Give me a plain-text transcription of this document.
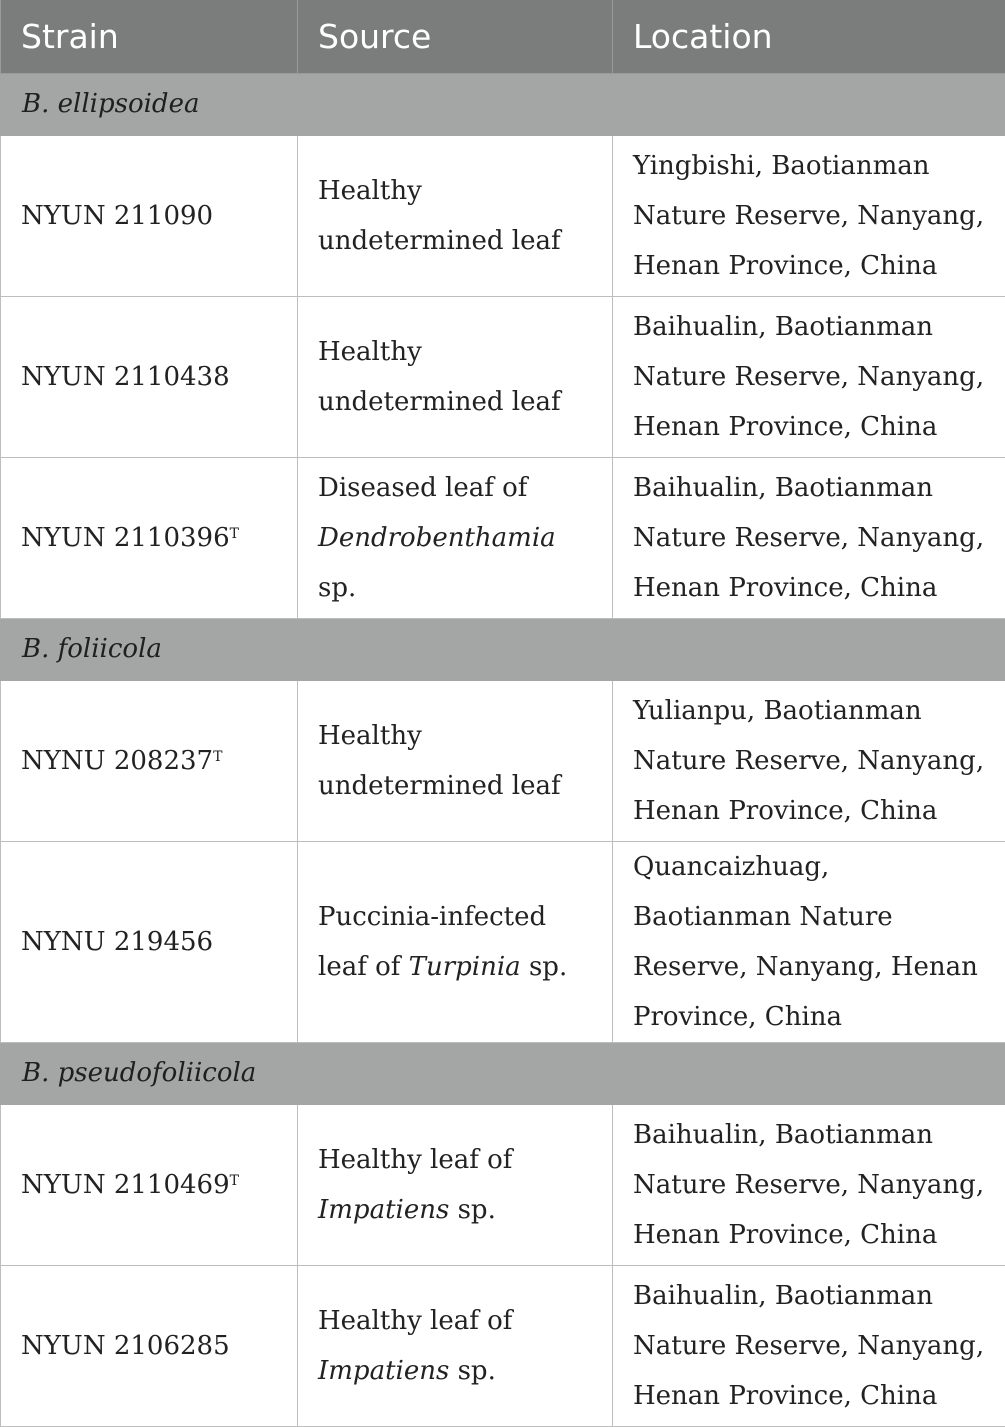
Strain	Source	Location
B. ellipsoidea		
NYUN 211090	Healthy undetermined leaf	Yingbishi, Baotianman Nature Reserve, Nanyang, Henan Province, China
NYUN 2110438	Healthy undetermined leaf	Baihualin, Baotianman Nature Reserve, Nanyang, Henan Province, China
NYUN $2110396^T$	Diseased leaf of Dendrobenthamia sp.	Baihualin, Baotianman Nature Reserve, Nanyang, Henan Province, China
B. foliicola		
NYNU $208237^T$	Healthy undetermined leaf	Yulianpu, Baotianman Nature Reserve, Nanyang, Henan Province, China
NYNU 219456	Puccinia-infected leaf of Turpinia sp.	Quancaizhuag, Baotianman Nature Reserve, Nanyang, Henan Province, China
B. pseudofoliicola		
NYUN $2110469^T$	Healthy leaf of Impatiens sp.	Baihualin, Baotianman Nature Reserve, Nanyang, Henan Province, China
NYUN 2106285	Healthy leaf of Impatiens sp.	Baihualin, Baotianman Nature Reserve, Nanyang, Henan Province, China
